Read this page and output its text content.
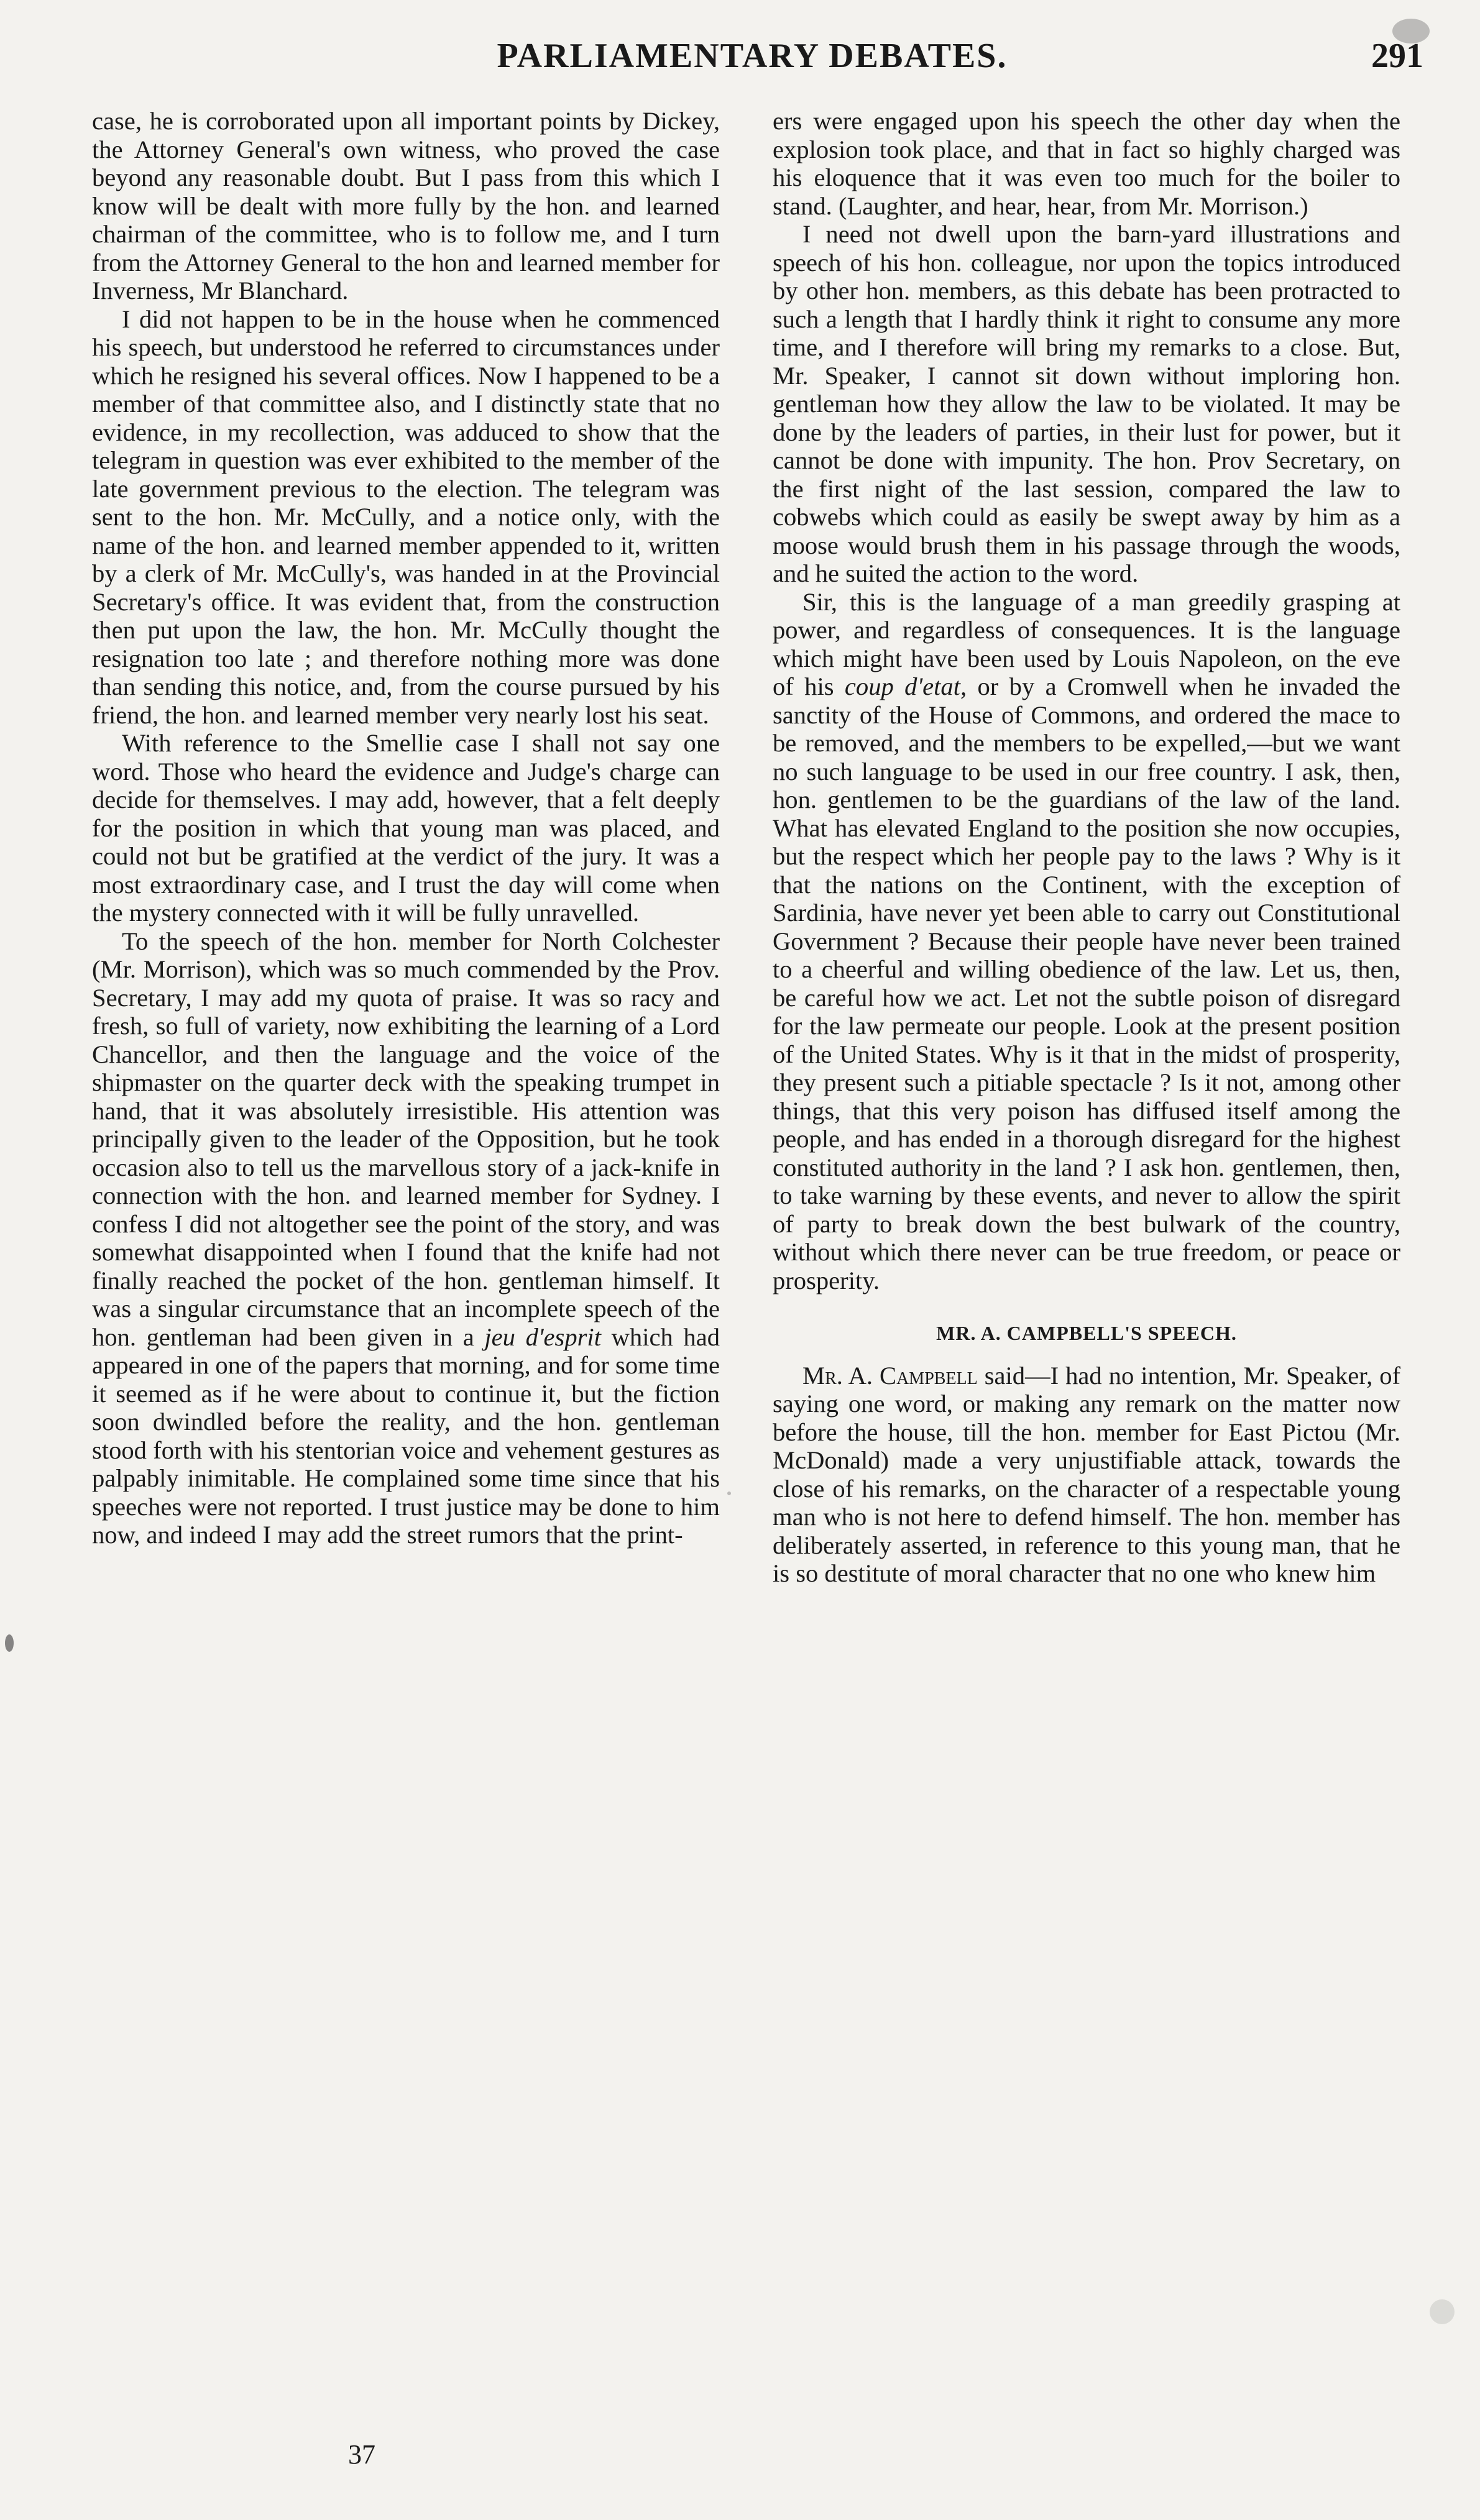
PARLIAMENTARY DEBATES.	291

case, he is corroborated upon all important points by Dickey, the Attorney General's own witness, who proved the case beyond any reasonable doubt. But I pass from this which I know will be dealt with more fully by the hon. and learned chairman of the committee, who is to follow me, and I turn from the Attorney General to the hon and learned member for Inverness, Mr Blanchard.

I did not happen to be in the house when he commenced his speech, but understood he referred to circumstances under which he resigned his several offices. Now I happened to be a member of that committee also, and I distinctly state that no evidence, in my recollection, was adduced to show that the telegram in question was ever exhibited to the member of the late government previous to the election. The telegram was sent to the hon. Mr. McCully, and a notice only, with the name of the hon. and learned member appended to it, written by a clerk of Mr. McCully's, was handed in at the Provincial Secretary's office. It was evident that, from the construction then put upon the law, the hon. Mr. McCully thought the resignation too late ; and therefore nothing more was done than sending this notice, and, from the course pursued by his friend, the hon. and learned member very nearly lost his seat.

With reference to the Smellie case I shall not say one word. Those who heard the evidence and Judge's charge can decide for themselves. I may add, however, that a felt deeply for the position in which that young man was placed, and could not but be gratified at the verdict of the jury. It was a most extraordinary case, and I trust the day will come when the mystery connected with it will be fully unravelled.

To the speech of the hon. member for North Colchester (Mr. Morrison), which was so much commended by the Prov. Secretary, I may add my quota of praise. It was so racy and fresh, so full of variety, now exhibiting the learning of a Lord Chancellor, and then the language and the voice of the shipmaster on the quarter deck with the speaking trumpet in hand, that it was absolutely irresistible. His attention was principally given to the leader of the Opposition, but he took occasion also to tell us the marvellous story of a jack-knife in connection with the hon. and learned member for Sydney. I confess I did not altogether see the point of the story, and was somewhat disappointed when I found that the knife had not finally reached the pocket of the hon. gentleman himself. It was a singular circumstance that an incomplete speech of the hon. gentleman had been given in a jeu d'esprit which had appeared in one of the papers that morning, and for some time it seemed as if he were about to continue it, but the fiction soon dwindled before the reality, and the hon. gentleman stood forth with his stentorian voice and vehement gestures as palpably inimitable. He complained some time since that his speeches were not reported. I trust justice may be done to him now, and indeed I may add the street rumors that the print-

37

ers were engaged upon his speech the other day when the explosion took place, and that in fact so highly charged was his eloquence that it was even too much for the boiler to stand. (Laughter, and hear, hear, from Mr. Morrison.)

I need not dwell upon the barn-yard illustrations and speech of his hon. colleague, nor upon the topics introduced by other hon. members, as this debate has been protracted to such a length that I hardly think it right to consume any more time, and I therefore will bring my remarks to a close. But, Mr. Speaker, I cannot sit down without imploring hon. gentleman how they allow the law to be violated. It may be done by the leaders of parties, in their lust for power, but it cannot be done with impunity. The hon. Prov Secretary, on the first night of the last session, compared the law to cobwebs which could as easily be swept away by him as a moose would brush them in his passage through the woods, and he suited the action to the word.

Sir, this is the language of a man greedily grasping at power, and regardless of consequences. It is the language which might have been used by Louis Napoleon, on the eve of his coup d'etat, or by a Cromwell when he invaded the sanctity of the House of Commons, and ordered the mace to be removed, and the members to be expelled,—but we want no such language to be used in our free country. I ask, then, hon. gentlemen to be the guardians of the law of the land. What has elevated England to the position she now occupies, but the respect which her people pay to the laws ? Why is it that the nations on the Continent, with the exception of Sardinia, have never yet been able to carry out Constitutional Government ? Because their people have never been trained to a cheerful and willing obedience of the law. Let us, then, be careful how we act. Let not the subtle poison of disregard for the law permeate our people. Look at the present position of the United States. Why is it that in the midst of prosperity, they present such a pitiable spectacle ? Is it not, among other things, that this very poison has diffused itself among the people, and has ended in a thorough disregard for the highest constituted authority in the land ? I ask hon. gentlemen, then, to take warning by these events, and never to allow the spirit of party to break down the best bulwark of the country, without which there never can be true freedom, or peace or prosperity.

MR. A. CAMPBELL'S SPEECH.

Mr. A. Campbell said—I had no intention, Mr. Speaker, of saying one word, or making any remark on the matter now before the house, till the hon. member for East Pictou (Mr. McDonald) made a very unjustifiable attack, towards the close of his remarks, on the character of a respectable young man who is not here to defend himself. The hon. member has deliberately asserted, in reference to this young man, that he is so destitute of moral character that no one who knew him
